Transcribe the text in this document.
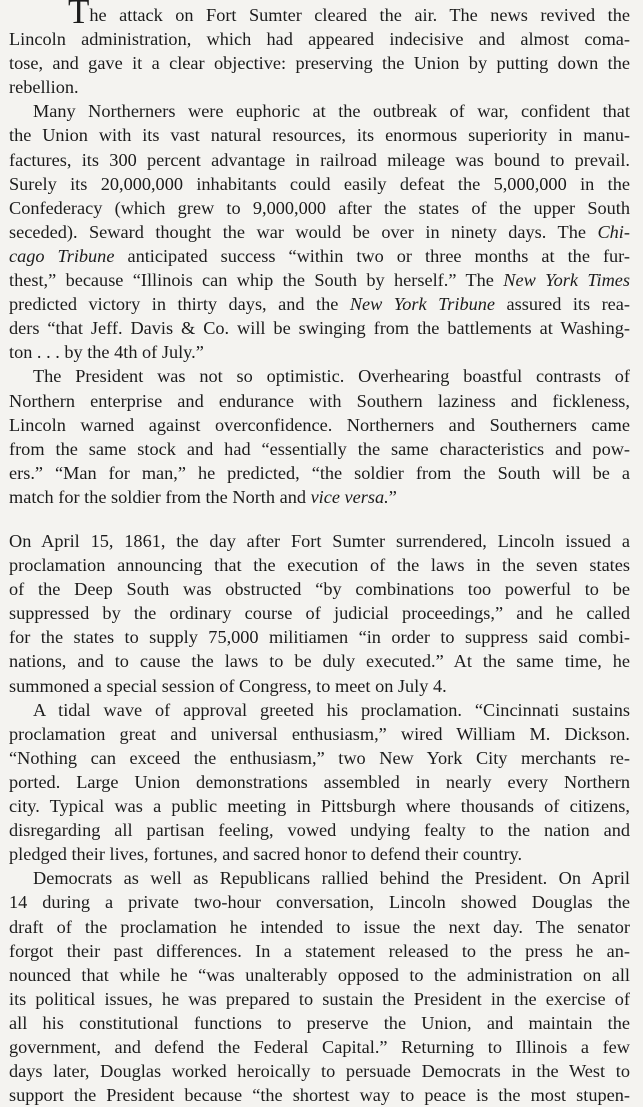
The attack on Fort Sumter cleared the air. The news revived the
Lincoln administration, which had appeared indecisive and almost coma-
tose, and gave it a clear objective: preserving the Union by putting down the
rebellion.
Many Northerners were euphoric at the outbreak of war, confident that
the Union with its vast natural resources, its enormous superiority in manu-
factures, its 300 percent advantage in railroad mileage was bound to prevail.
Surely its 20,000,000 inhabitants could easily defeat the 5,000,000 in the
Confederacy (which grew to 9,000,000 after the states of the upper South
seceded). Seward thought the war would be over in ninety days. The Chi-
cago Tribune anticipated success “within two or three months at the fur-
thest,” because “Illinois can whip the South by herself.” The New York Times
predicted victory in thirty days, and the New York Tribune assured its rea-
ders “that Jeff. Davis & Co. will be swinging from the battlements at Washing-
ton . . . by the 4th of July.”
The President was not so optimistic. Overhearing boastful contrasts of
Northern enterprise and endurance with Southern laziness and fickleness,
Lincoln warned against overconfidence. Northerners and Southerners came
from the same stock and had “essentially the same characteristics and pow-
ers.” “Man for man,” he predicted, “the soldier from the South will be a
match for the soldier from the North and vice versa.”
On April 15, 1861, the day after Fort Sumter surrendered, Lincoln issued a
proclamation announcing that the execution of the laws in the seven states
of the Deep South was obstructed “by combinations too powerful to be
suppressed by the ordinary course of judicial proceedings,” and he called
for the states to supply 75,000 militiamen “in order to suppress said combi-
nations, and to cause the laws to be duly executed.” At the same time, he
summoned a special session of Congress, to meet on July 4.
A tidal wave of approval greeted his proclamation. “Cincinnati sustains
proclamation great and universal enthusiasm,” wired William M. Dickson.
“Nothing can exceed the enthusiasm,” two New York City merchants re-
ported. Large Union demonstrations assembled in nearly every Northern
city. Typical was a public meeting in Pittsburgh where thousands of citizens,
disregarding all partisan feeling, vowed undying fealty to the nation and
pledged their lives, fortunes, and sacred honor to defend their country.
Democrats as well as Republicans rallied behind the President. On April
14 during a private two-hour conversation, Lincoln showed Douglas the
draft of the proclamation he intended to issue the next day. The senator
forgot their past differences. In a statement released to the press he an-
nounced that while he “was unalterably opposed to the administration on all
its political issues, he was prepared to sustain the President in the exercise of
all his constitutional functions to preserve the Union, and maintain the
government, and defend the Federal Capital.” Returning to Illinois a few
days later, Douglas worked heroically to persuade Democrats in the West to
support the President because “the shortest way to peace is the most stupen-
